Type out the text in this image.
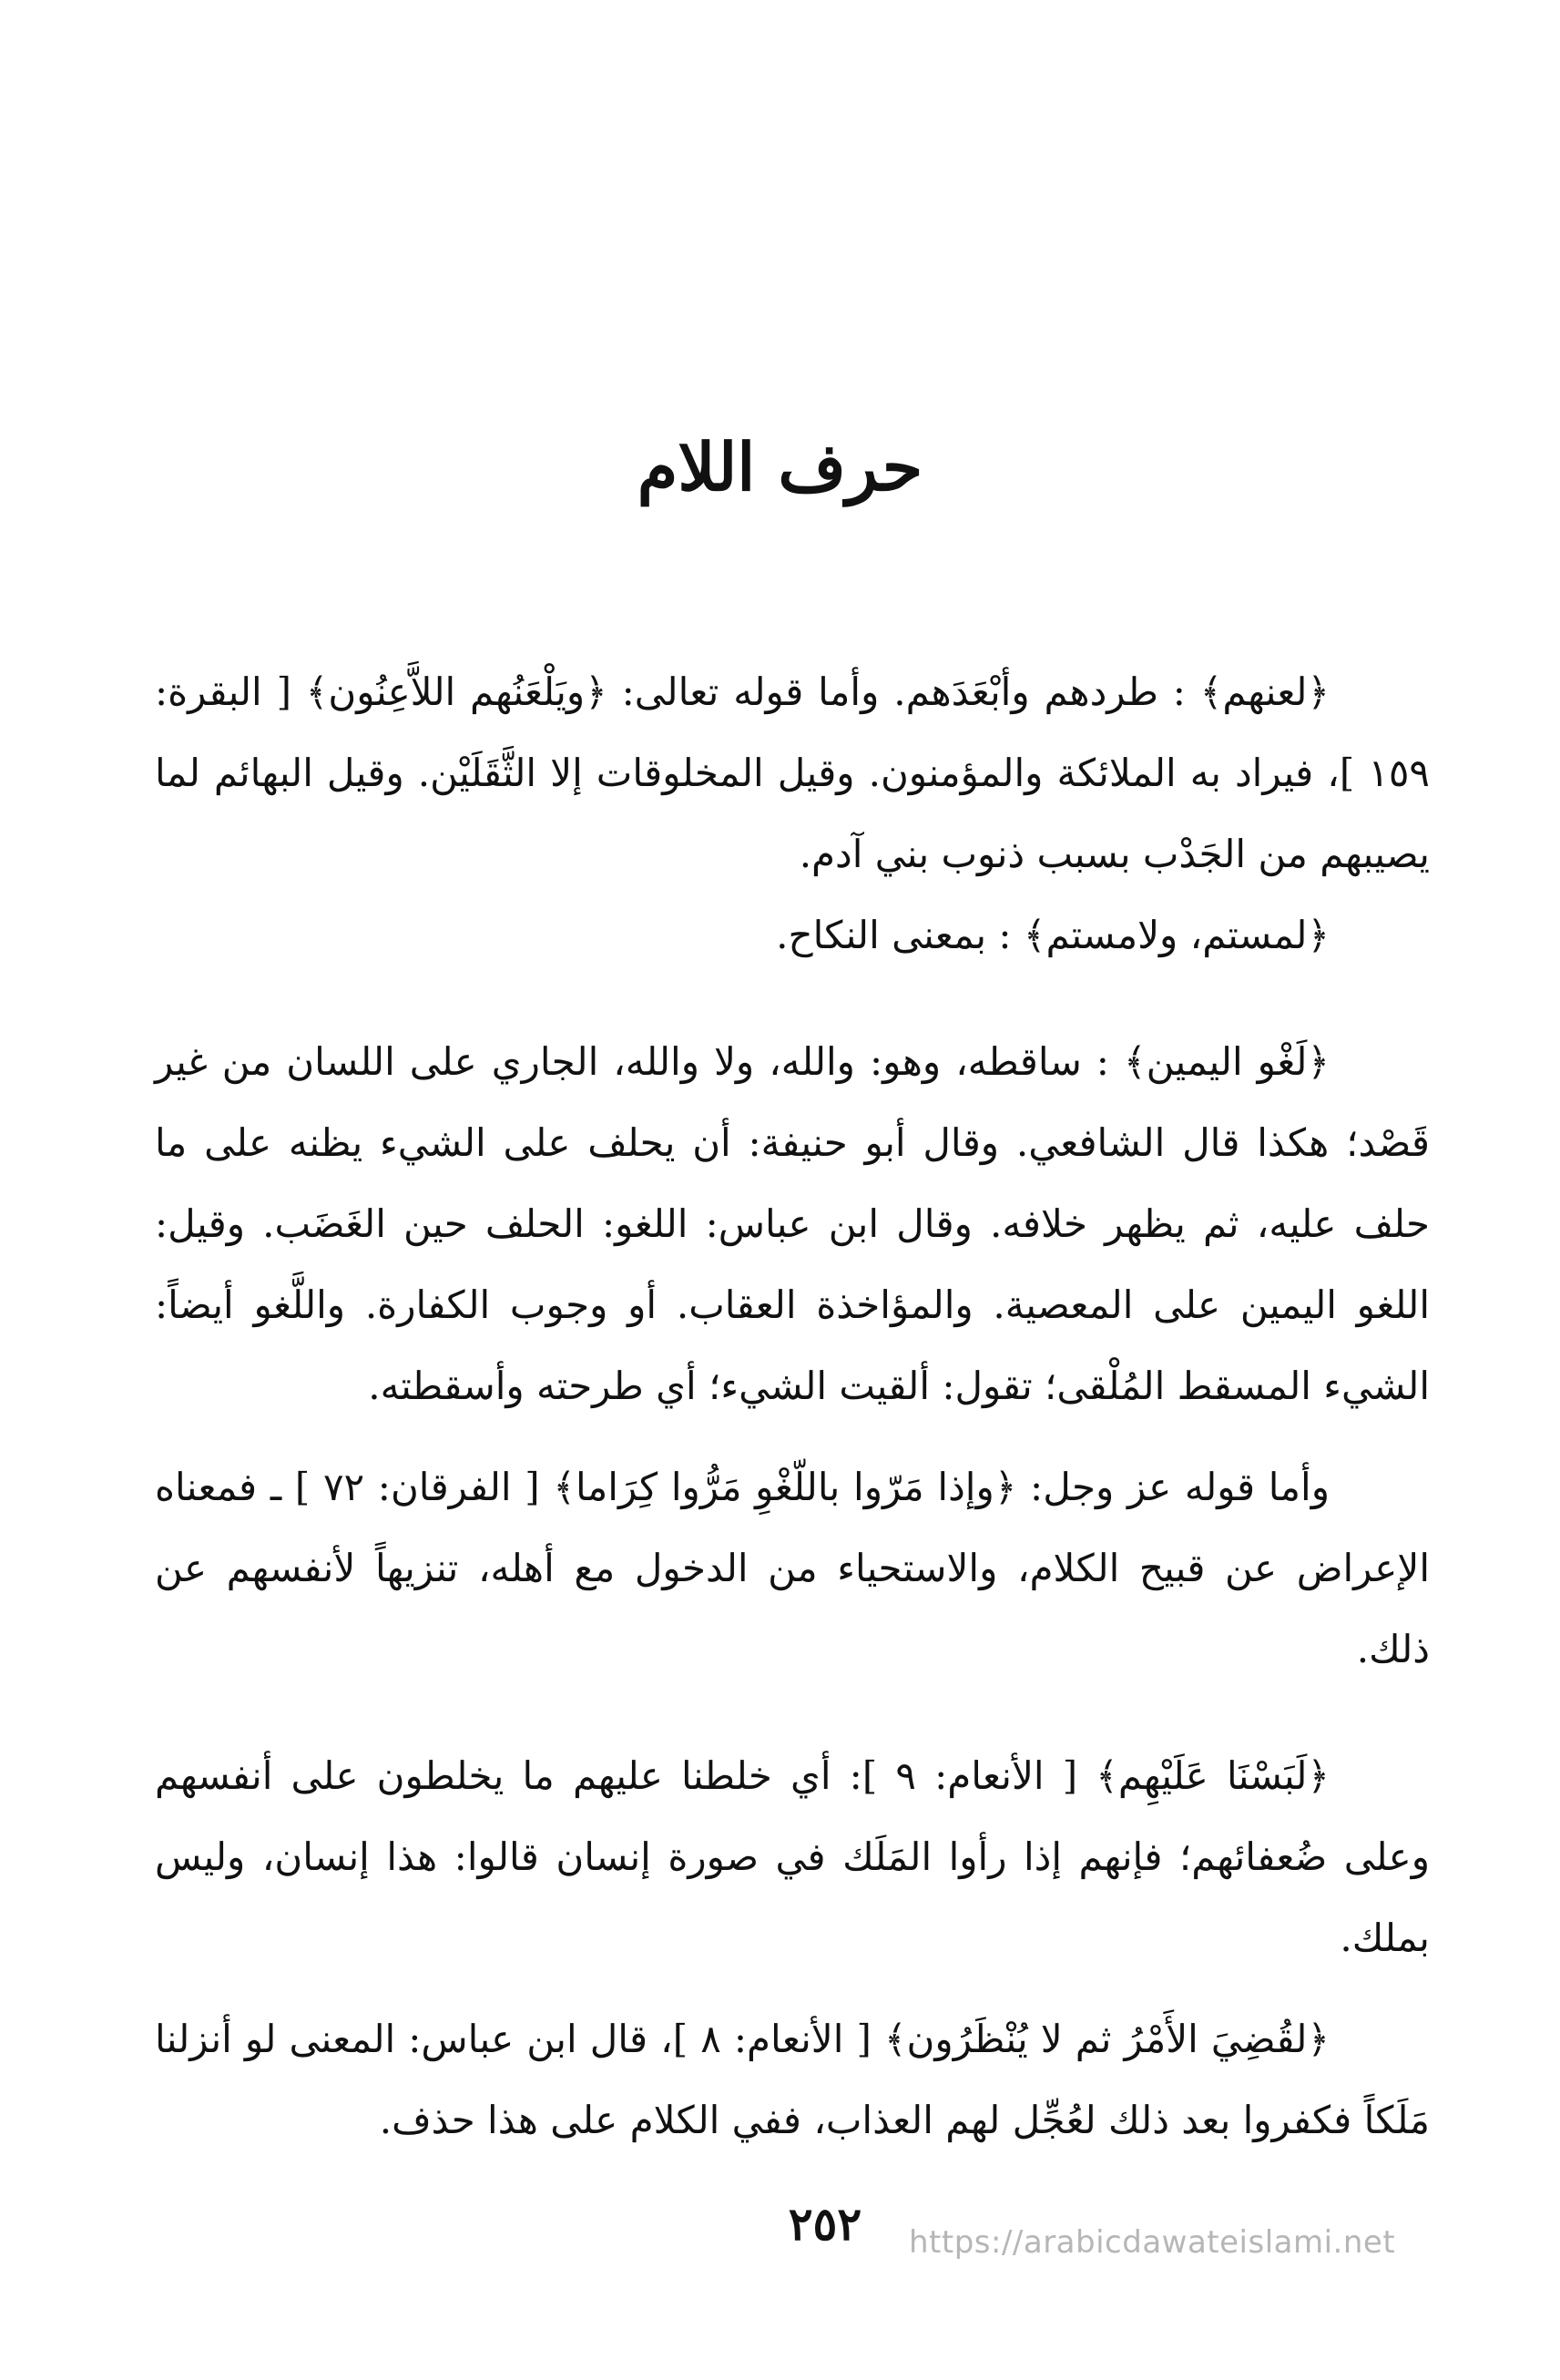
حرف اللام

﴿لعنهم﴾ : طردهم وأبْعَدَهم. وأما قوله تعالى: ﴿ويَلْعَنُهم اللاَّعِنُون﴾ [ البقرة: ١٥٩ ]، فيراد به الملائكة والمؤمنون. وقيل المخلوقات إلا الثَّقَلَيْن. وقيل البهائم لما يصيبهم من الجَدْب بسبب ذنوب بني آدم.

﴿لمستم، ولامستم﴾ : بمعنى النكاح.

﴿لَغْو اليمين﴾ : ساقطه، وهو: والله، ولا والله، الجاري على اللسان من غير قَصْد؛ هكذا قال الشافعي. وقال أبو حنيفة: أن يحلف على الشيء يظنه على ما حلف عليه، ثم يظهر خلافه. وقال ابن عباس: اللغو: الحلف حين الغَضَب. وقيل: اللغو اليمين على المعصية. والمؤاخذة العقاب. أو وجوب الكفارة. واللَّغو أيضاً: الشيء المسقط المُلْقى؛ تقول: ألقيت الشيء؛ أي طرحته وأسقطته.

وأما قوله عز وجل: ﴿وإذا مَرّوا باللّغْوِ مَرُّوا كِرَاما﴾ [ الفرقان: ٧٢ ] ـ فمعناه الإعراض عن قبيح الكلام، والاستحياء من الدخول مع أهله، تنزيهاً لأنفسهم عن ذلك.

﴿لَبَسْنَا عَلَيْهِم﴾ [ الأنعام: ٩ ]: أي خلطنا عليهم ما يخلطون على أنفسهم وعلى ضُعفائهم؛ فإنهم إذا رأوا المَلَك في صورة إنسان قالوا: هذا إنسان، وليس بملك.

﴿لقُضِيَ الأَمْرُ ثم لا يُنْظَرُون﴾ [ الأنعام: ٨ ]، قال ابن عباس: المعنى لو أنزلنا مَلَكاً فكفروا بعد ذلك لعُجِّل لهم العذاب، ففي الكلام على هذا حذف.

٢٥٢	https://arabicdawateislami.net
